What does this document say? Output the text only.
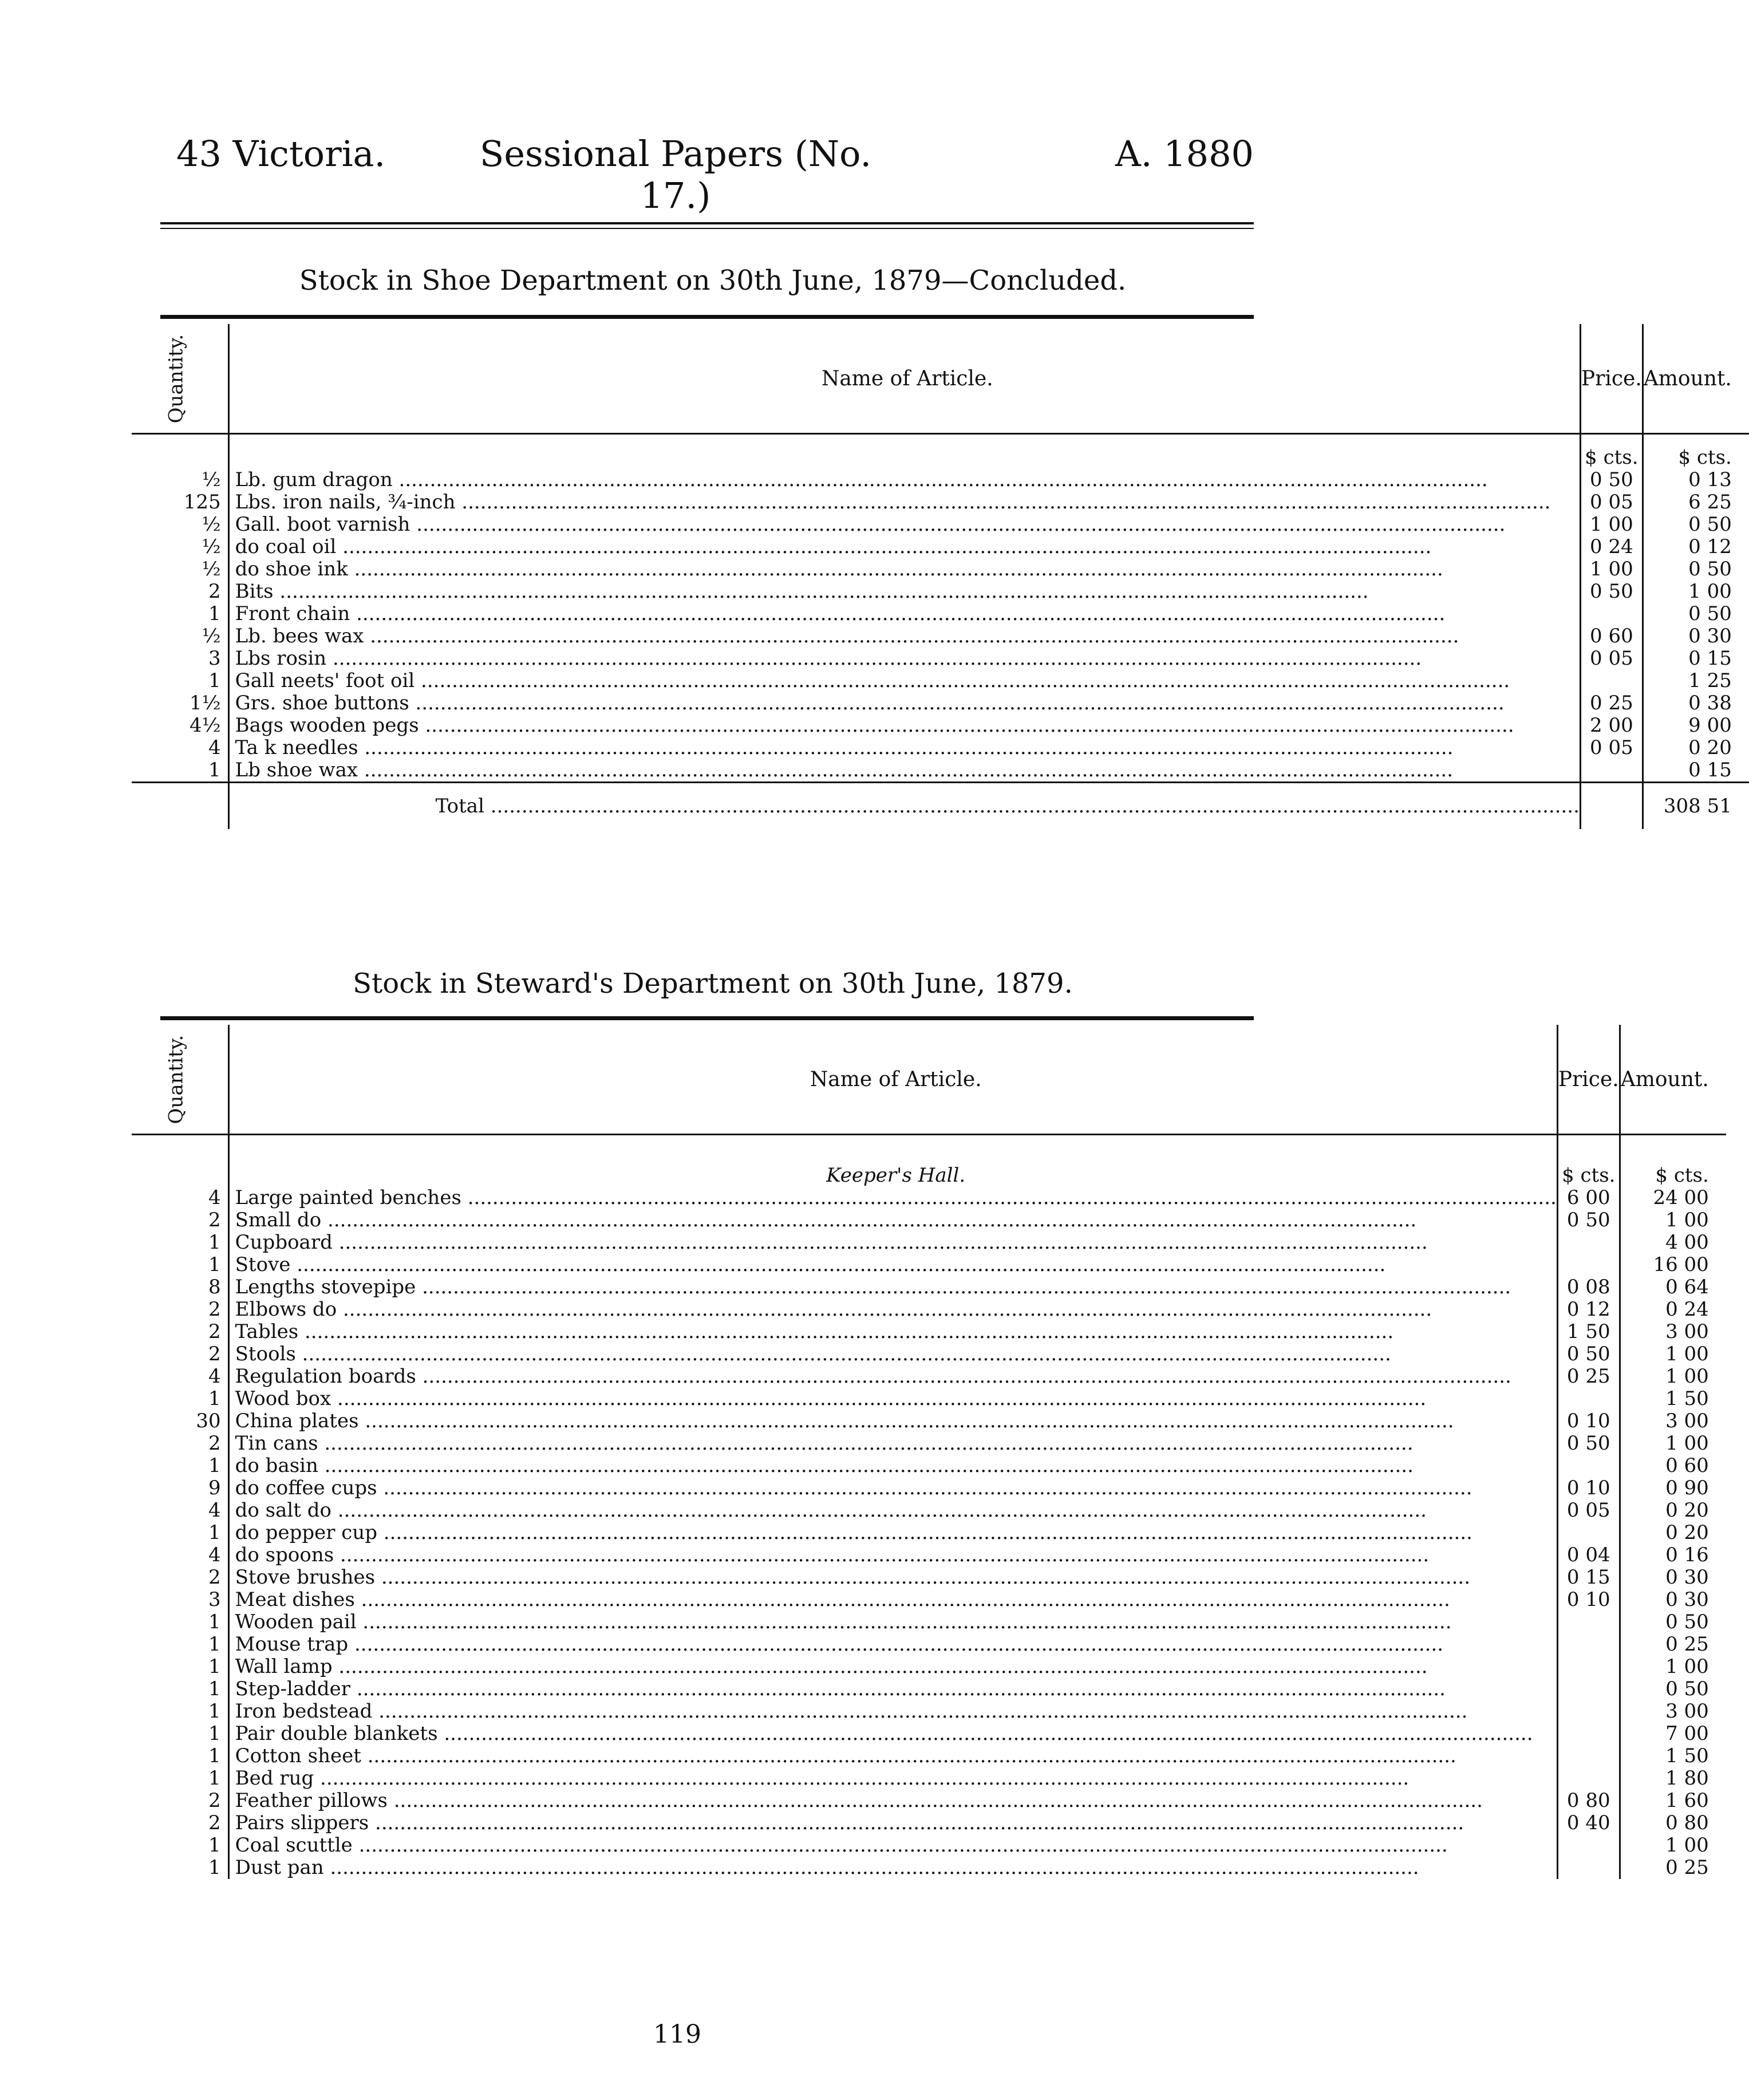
43 Victoria.	Sessional Papers (No. 17.)
A. 1880
Stock in Shoe Department on 30th June, 1879—Concluded.
Quantity.	Name of Article.	Price.	Amount.
		$ cts.	$ cts.
½	Lb. gum dragon .....	0 50	0 13
125	Lbs. iron nails, ¾-inch .....	0 05	6 25
½	Gall. boot varnish .....	1 00	0 50
½	do coal oil .....	0 24	0 12
½	do shoe ink .....	1 00	0 50
2	Bits .....	0 50	1 00
1	Front chain .....		0 50
½	Lb. bees wax .....	0 60	0 30
3	Lbs rosin .....	0 05	0 15
1	Gall neets' foot oil .....		1 25
1½	Grs. shoe buttons .....	0 25	0 38
4½	Bags wooden pegs .....	2 00	9 00
4	Ta k needles .....	0 05	0 20
1	Lb shoe wax .....		0 15
	Total .....		308 51
Stock in Steward's Department on 30th June, 1879.
Quantity.	Name of Article.	Price.	Amount.
	Keeper's Hall.	$ cts.	$ cts.
4	Large painted benches .....	6 00	24 00
2	Small do .....	0 50	1 00
1	Cupboard .....		4 00
1	Stove .....		16 00
8	Lengths stovepipe .....	0 08	0 64
2	Elbows do .....	0 12	0 24
2	Tables .....	1 50	3 00
2	Stools .....	0 50	1 00
4	Regulation boards .....	0 25	1 00
1	Wood box .....		1 50
30	China plates .....	0 10	3 00
2	Tin cans .....	0 50	1 00
1	do basin .....		0 60
9	do coffee cups .....	0 10	0 90
4	do salt do .....	0 05	0 20
1	do pepper cup .....		0 20
4	do spoons .....	0 04	0 16
2	Stove brushes .....	0 15	0 30
3	Meat dishes .....	0 10	0 30
1	Wooden pail .....		0 50
1	Mouse trap .....		0 25
1	Wall lamp .....		1 00
1	Step-ladder .....		0 50
1	Iron bedstead .....		3 00
1	Pair double blankets .....		7 00
1	Cotton sheet .....		1 50
1	Bed rug .....		1 80
2	Feather pillows .....	0 80	1 60
2	Pairs slippers .....	0 40	0 80
1	Coal scuttle .....		1 00
1	Dust pan .....		0 25
119
